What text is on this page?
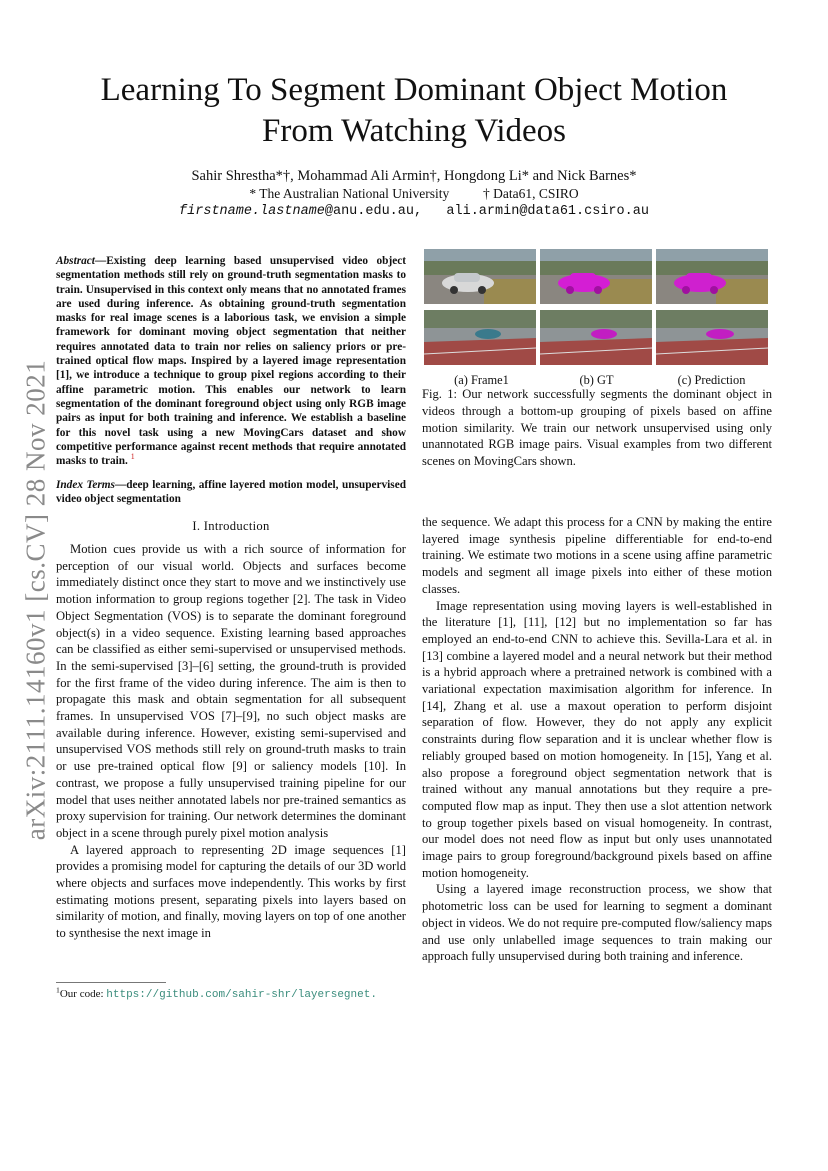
Learning To Segment Dominant Object Motion
From Watching Videos
Sahir Shrestha*†, Mohammad Ali Armin†, Hongdong Li* and Nick Barnes*
* The Australian National University	† Data61, CSIRO
firstname.lastname@anu.edu.au, ali.armin@data61.csiro.au
arXiv:2111.14160v1 [cs.CV] 28 Nov 2021
Abstract—Existing deep learning based unsupervised video object segmentation methods still rely on ground-truth segmentation masks to train. Unsupervised in this context only means that no annotated frames are used during inference. As obtaining ground-truth segmentation masks for real image scenes is a laborious task, we envision a simple framework for dominant moving object segmentation that neither requires annotated data to train nor relies on saliency priors or pre-trained optical flow maps. Inspired by a layered image representation [1], we introduce a technique to group pixel regions according to their affine parametric motion. This enables our network to learn segmentation of the dominant foreground object using only RGB image pairs as input for both training and inference. We establish a baseline for this novel task using a new MovingCars dataset and show competitive performance against recent methods that require annotated masks to train. $^1$
Index Terms—deep learning, affine layered motion model, unsupervised video object segmentation
I. Introduction

Motion cues provide us with a rich source of information for perception of our visual world. Objects and surfaces become immediately distinct once they start to move and we instinctively use motion information to group regions together [2]. The task in Video Object Segmentation (VOS) is to separate the dominant foreground object(s) in a video sequence. Existing learning based approaches can be classified as either semi-supervised or unsupervised methods. In the semi-supervised [3]–[6] setting, the ground-truth is provided for the first frame of the video during inference. The aim is then to propagate this mask and obtain segmentation for all subsequent frames. In unsupervised VOS [7]–[9], no such object masks are available during inference. However, existing semi-supervised and unsupervised VOS methods still rely on ground-truth masks to train or use pre-trained optical flow [9] or saliency models [10]. In contrast, we propose a fully unsupervised training pipeline for our model that uses neither annotated labels nor pre-trained semantics as proxy supervision for training. Our network determines the dominant object in a scene through purely pixel motion analysis

A layered approach to representing 2D image sequences [1] provides a promising model for capturing the details of our 3D world where objects and surfaces move independently. This works by first estimating motions present, separating pixels into layers based on similarity of motion, and finally, moving layers on top of one another to synthesise the next image in

(a) Frame1	(b) GT	(c) Prediction
Fig. 1: Our network successfully segments the dominant object in videos through a bottom-up grouping of pixels based on affine motion similarity. We train our network unsupervised using only unannotated RGB image pairs. Visual examples from two different scenes on MovingCars shown.

the sequence. We adapt this process for a CNN by making the entire layered image synthesis pipeline differentiable for end-to-end training. We estimate two motions in a scene using affine parametric models and segment all image pixels into either of these motion classes.

Image representation using moving layers is well-established in the literature [1], [11], [12] but no implementation so far has employed an end-to-end CNN to achieve this. Sevilla-Lara et al. in [13] combine a layered model and a neural network but their method is a hybrid approach where a pretrained network is combined with a variational expectation maximisation algorithm for inference. In [14], Zhang et al. use a maxout operation to perform disjoint separation of flow. However, they do not apply any explicit constraints during flow separation and it is unclear whether flow is reliably grouped based on motion homogeneity. In [15], Yang et al. also propose a foreground object segmentation network that is trained without any manual annotations but they require a pre-computed flow map as input. They then use a slot attention network to group together pixels based on visual homogeneity. In contrast, our model does not need flow as input but only uses unannotated image pairs to group foreground/background pixels based on affine motion homogeneity.

Using a layered image reconstruction process, we show that photometric loss can be used for learning to segment a dominant object in videos. We do not require pre-computed flow/saliency maps and use only unlabelled image sequences to train making our approach fully unsupervised during both training and inference.

$^1$Our code: https://github.com/sahir-shr/layersegnet.
